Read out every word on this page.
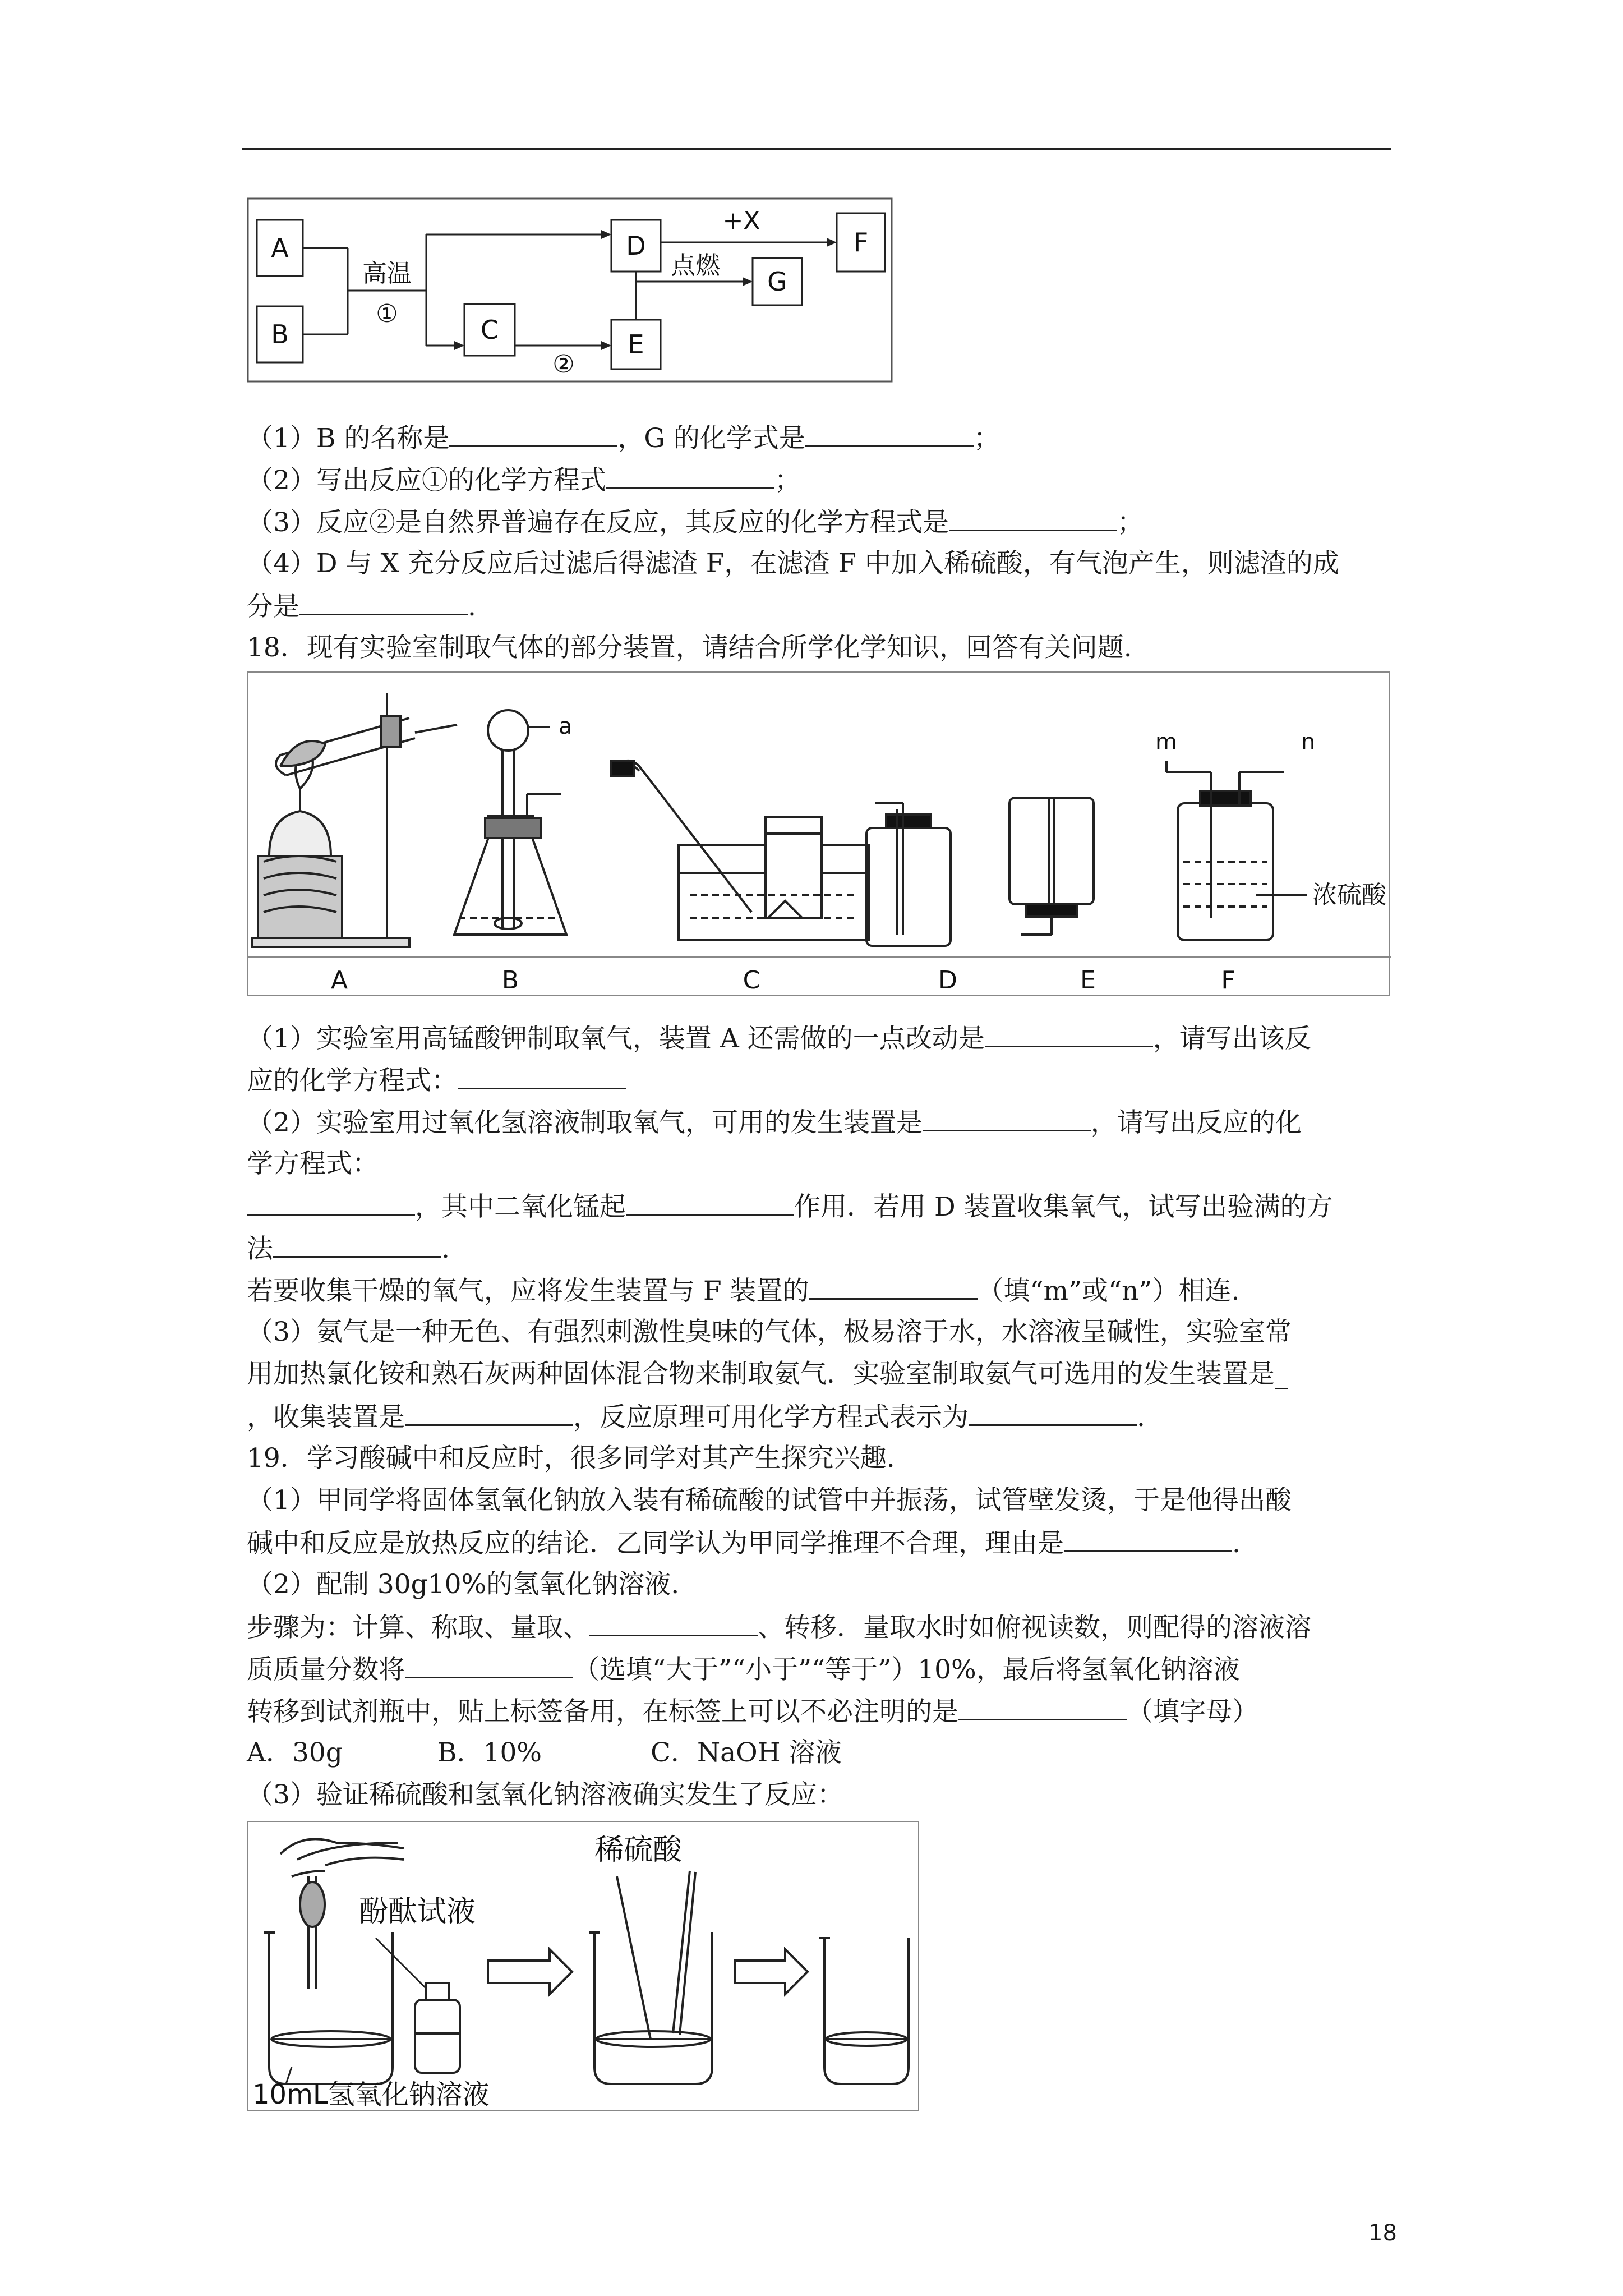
A
B	C
D
E
F
G
高温
①
②
+X
点燃
（1）B 的名称是	，G 的化学式是	；
（2）写出反应①的化学方程式	；
（3）反应②是自然界普遍存在反应，其反应的化学方程式是	；
（4）D 与 X 充分反应后过滤后得滤渣 F，在滤渣 F 中加入稀硫酸，有气泡产生，则滤渣的成
分是	.
18．现有实验室制取气体的部分装置，请结合所学化学知识，回答有关问题.
a
m	n
浓硫酸
A	B	C	D	E	F
（1）实验室用高锰酸钾制取氧气，装置 A 还需做的一点改动是	，请写出该反
应的化学方程式：
（2）实验室用过氧化氢溶液制取氧气，可用的发生装置是	，请写出反应的化
学方程式：
，其中二氧化锰起	作用．若用 D 装置收集氧气，试写出验满的方
法	.
若要收集干燥的氧气，应将发生装置与 F 装置的	（填“m”或“n”）相连.
（3）氨气是一种无色、有强烈刺激性臭味的气体，极易溶于水，水溶液呈碱性，实验室常
用加热氯化铵和熟石灰两种固体混合物来制取氨气．实验室制取氨气可选用的发生装置是_
，收集装置是	，反应原理可用化学方程式表示为	.
19．学习酸碱中和反应时，很多同学对其产生探究兴趣.
（1）甲同学将固体氢氧化钠放入装有稀硫酸的试管中并振荡，试管壁发烫，于是他得出酸
碱中和反应是放热反应的结论．乙同学认为甲同学推理不合理，理由是	.
（2）配制 30g10%的氢氧化钠溶液.
步骤为：计算、称取、量取、	、转移．量取水时如俯视读数，则配得的溶液溶
质质量分数将	（选填“大于”“小于”“等于”）10%，最后将氢氧化钠溶液
转移到试剂瓶中，贴上标签备用，在标签上可以不必注明的是	（填字母）
A．30g	B．10%	C．NaOH 溶液
（3）验证稀硫酸和氢氧化钠溶液确实发生了反应：
酚酞试液
10mL氢氧化钠溶液
稀硫酸
18
